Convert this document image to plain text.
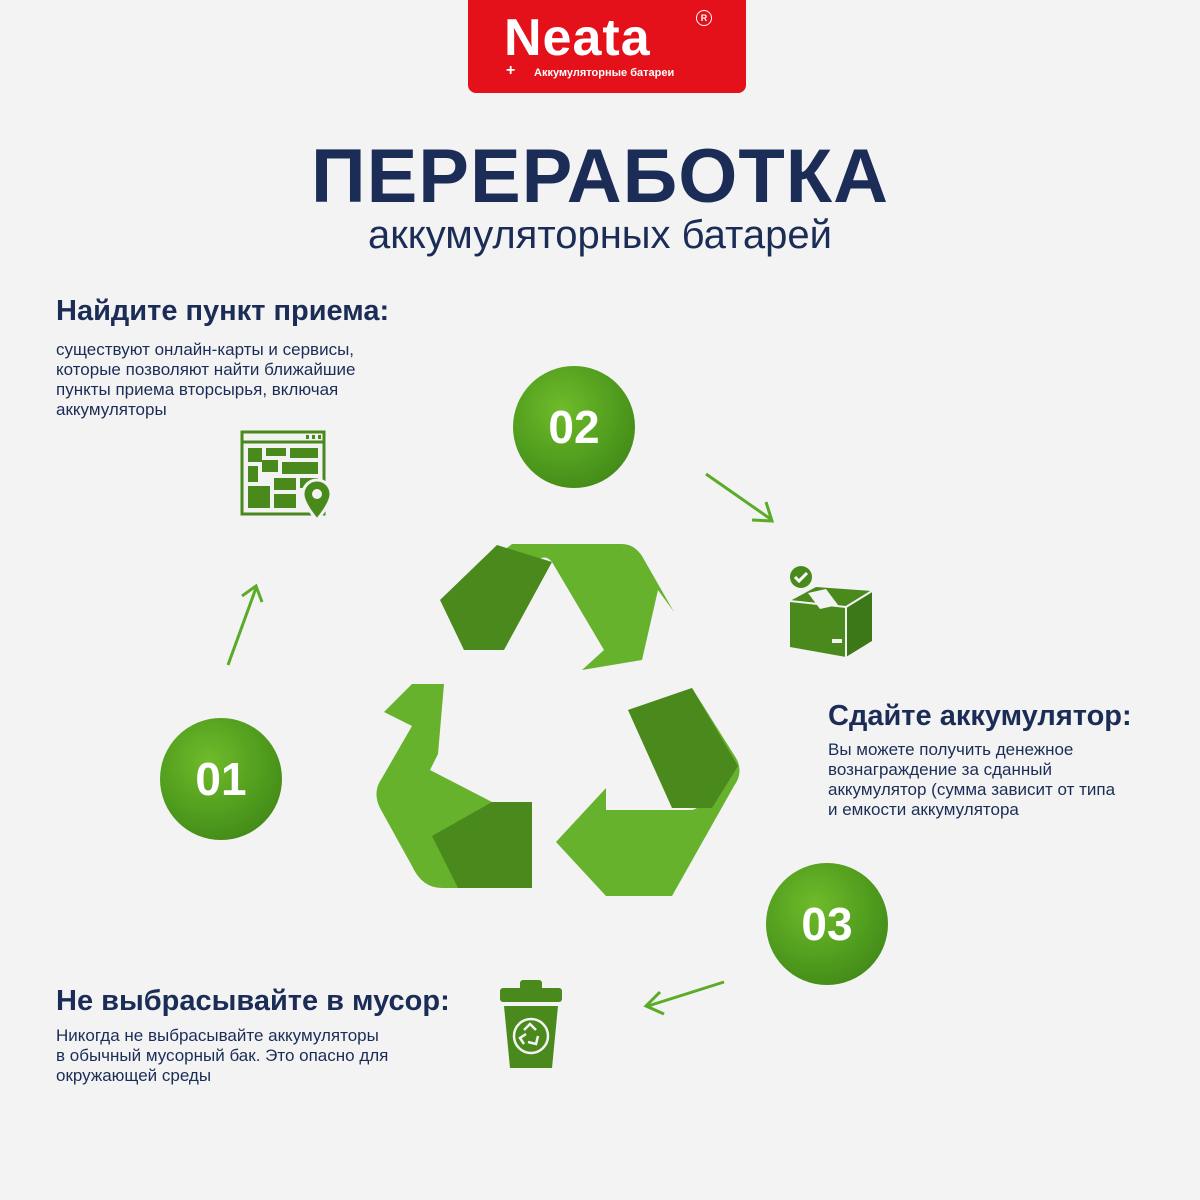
Neata	R
+ Аккумуляторные батареи
ПЕРЕРАБОТКА
аккумуляторных батарей
Найдите пункт приема:
существуют онлайн-карты и сервисы,
которые позволяют найти ближайшие
пункты приема вторсырья, включая
аккумуляторы
Сдайте аккумулятор:
Вы можете получить денежное
вознаграждение за сданный
аккумулятор (сумма зависит от типа
и емкости аккумулятора
Не выбрасывайте в мусор:
Никогда не выбрасывайте аккумуляторы
в обычный мусорный бак. Это опасно для
окружающей среды
01
02
03
